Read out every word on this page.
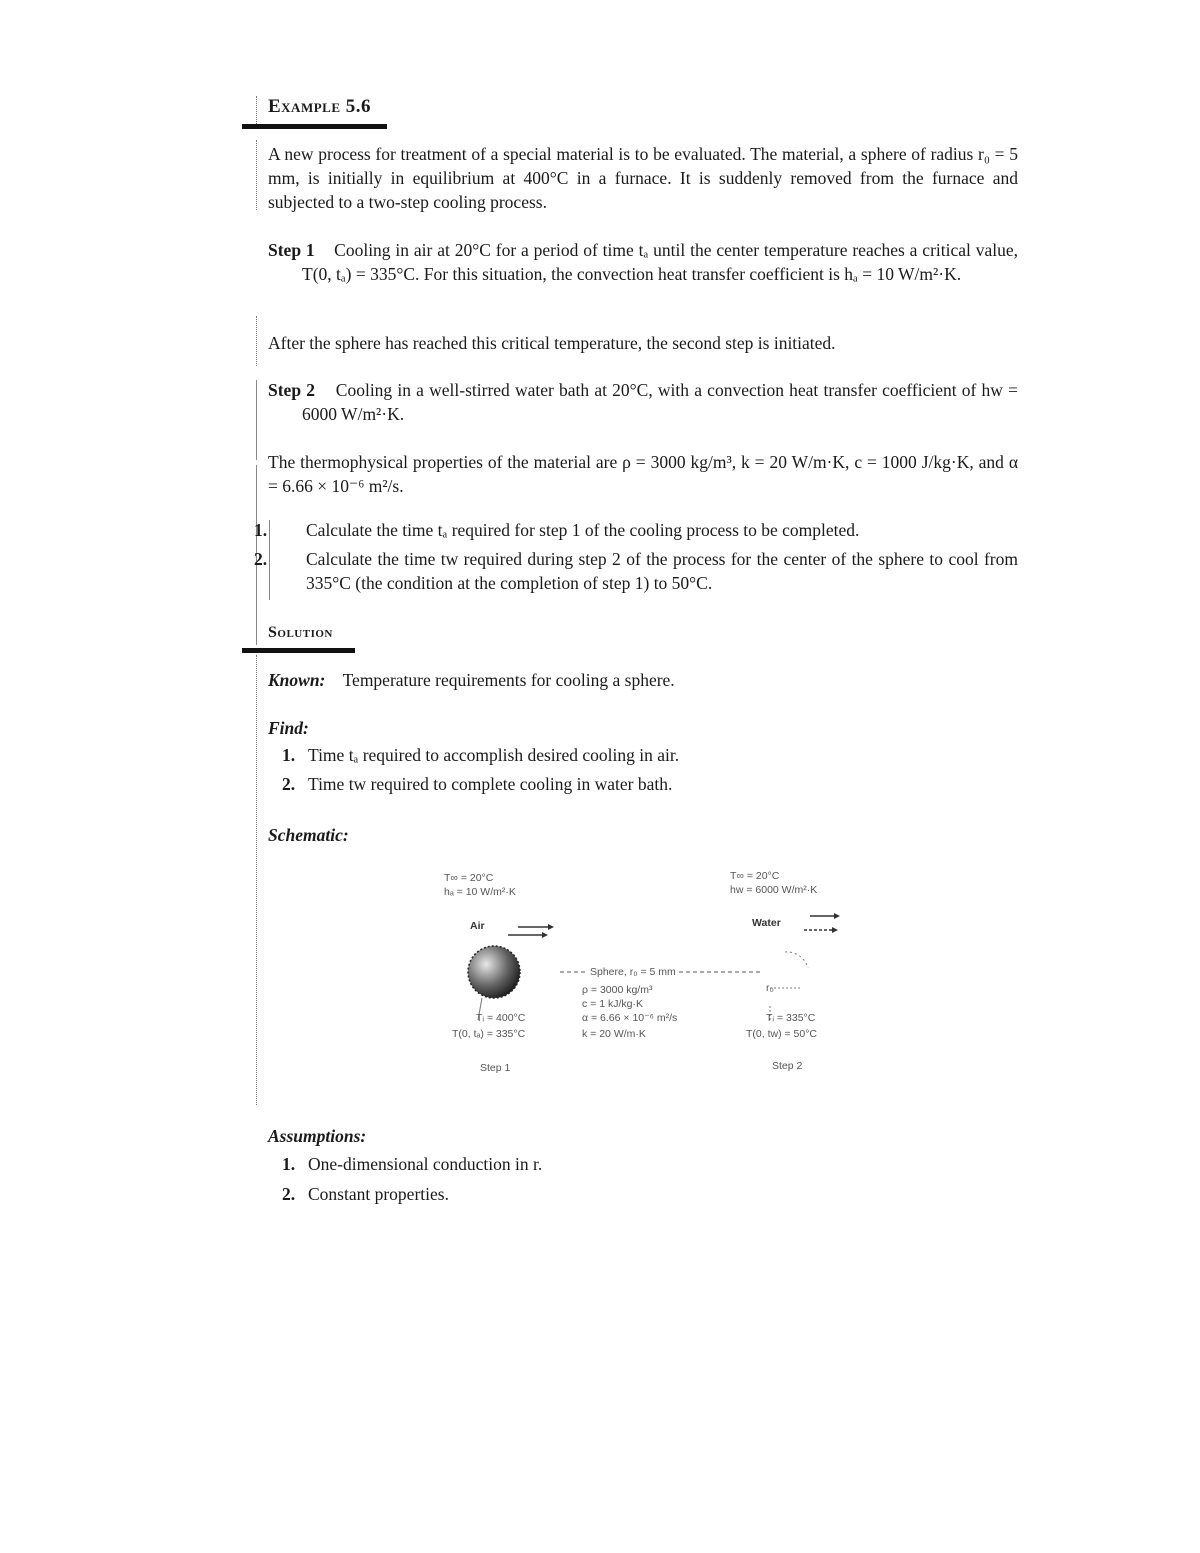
Example 5.6
A new process for treatment of a special material is to be evaluated. The material, a sphere of radius r₀ = 5 mm, is initially in equilibrium at 400°C in a furnace. It is suddenly removed from the furnace and subjected to a two-step cooling process.
Step 1 Cooling in air at 20°C for a period of time tₐ until the center temperature reaches a critical value, T(0, tₐ) = 335°C. For this situation, the convection heat transfer coefficient is hₐ = 10 W/m²·K.
After the sphere has reached this critical temperature, the second step is initiated.
Step 2 Cooling in a well-stirred water bath at 20°C, with a convection heat transfer coefficient of hw = 6000 W/m²·K.
The thermophysical properties of the material are ρ = 3000 kg/m³, k = 20 W/m·K, c = 1000 J/kg·K, and α = 6.66 × 10⁻⁶ m²/s.
1. Calculate the time tₐ required for step 1 of the cooling process to be completed.
2. Calculate the time tw required during step 2 of the process for the center of the sphere to cool from 335°C (the condition at the completion of step 1) to 50°C.
Solution
Known: Temperature requirements for cooling a sphere.
Find:
1. Time tₐ required to accomplish desired cooling in air.
2. Time tw required to complete cooling in water bath.
Schematic:
T∞ = 20°C
hₐ = 10 W/m²·K
Air
T∞ = 20°C
hw = 6000 W/m²·K
Water
Sphere, r₀ = 5 mm
ρ = 3000 kg/m³
c = 1 kJ/kg·K
α = 6.66 × 10⁻⁶ m²/s
k = 20 W/m·K
Tᵢ = 400°C
T(0, tₐ) = 335°C
r₀
Tᵢ = 335°C
T(0, tw) = 50°C
Step 1	Step 2
Assumptions:
1. One-dimensional conduction in r.
2. Constant properties.
